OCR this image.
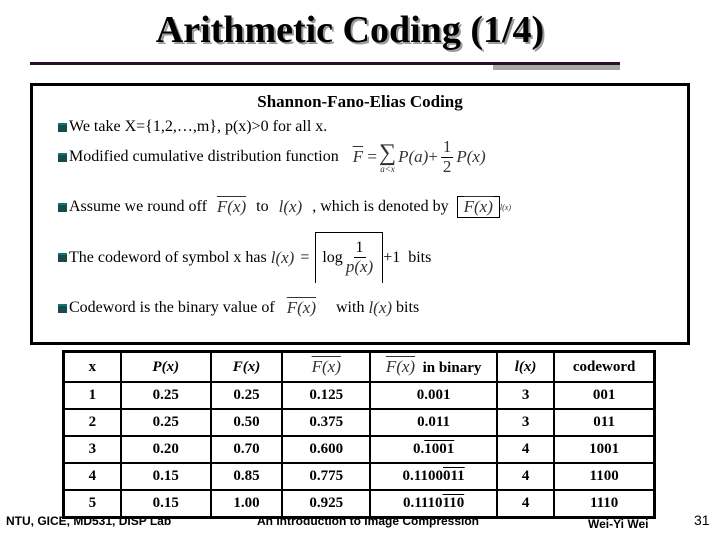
Arithmetic Coding (1/4)
Shannon-Fano-Elias Coding
We take X={1,2,…,m}, p(x)>0 for all x.
Modified cumulative distribution function $\overline{F}$
= ∑
a<x
$P(a) + \frac{1}{2} P(x)$
Assume we round off F(x) to l(x) , which is denoted by F(x) l(x)
The codeword of symbol x has
$l(x) = \log \frac{1}{p(x)} +1$
bits
Codeword is the binary value of F(x) with
l(x)
bits
x	P(x)	F(x)	F(x)	F(x) in binary	l(x)	codeword
1	0.25	0.25	0.125	0.001	3	001
2	0.25	0.50	0.375	0.011	3	011
3	0.20	0.70	0.600	0.1001	4	1001
4	0.15	0.85	0.775	0.1100011	4	1100
5	0.15	1.00	0.925	0.1110110	4	1110
NTU, GICE, MD531, DISP Lab	An Introduction to Image Compression	Wei-Yi Wei	31
